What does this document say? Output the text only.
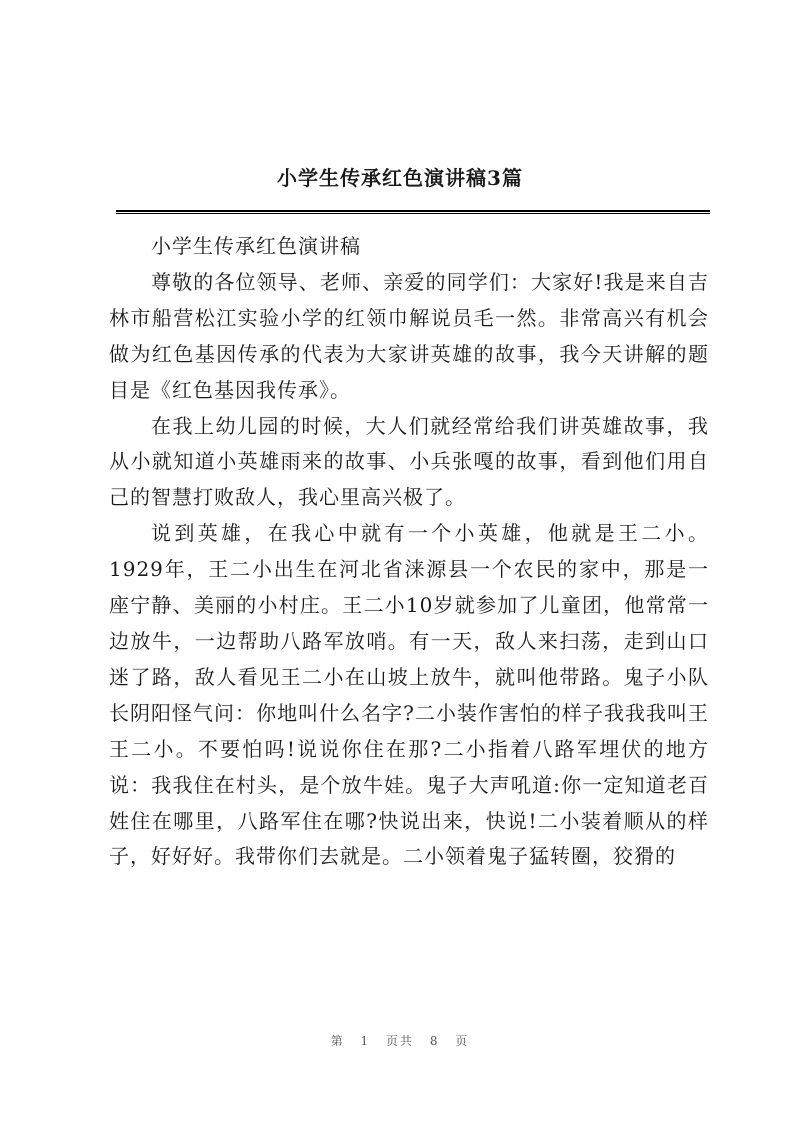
小学生传承红色演讲稿3篇

小学生传承红色演讲稿

尊敬的各位领导、老师、亲爱的同学们：大家好!我是来自吉林市船营松江实验小学的红领巾解说员毛一然。非常高兴有机会做为红色基因传承的代表为大家讲英雄的故事，我今天讲解的题目是《红色基因我传承》。

在我上幼儿园的时候，大人们就经常给我们讲英雄故事，我从小就知道小英雄雨来的故事、小兵张嘎的故事，看到他们用自己的智慧打败敌人，我心里高兴极了。

说到英雄，在我心中就有一个小英雄，他就是王二小。1929年，王二小出生在河北省涞源县一个农民的家中，那是一座宁静、美丽的小村庄。王二小10岁就参加了儿童团，他常常一边放牛，一边帮助八路军放哨。有一天，敌人来扫荡，走到山口迷了路，敌人看见王二小在山坡上放牛，就叫他带路。鬼子小队长阴阳怪气问：你地叫什么名字?二小装作害怕的样子我我我叫王王二小。不要怕吗!说说你住在那?二小指着八路军埋伏的地方说：我我住在村头，是个放牛娃。鬼子大声吼道:你一定知道老百姓住在哪里，八路军住在哪?快说出来，快说!二小装着顺从的样子，好好好。我带你们去就是。二小领着鬼子猛转圈，狡猾的

第 1 页共 8 页
